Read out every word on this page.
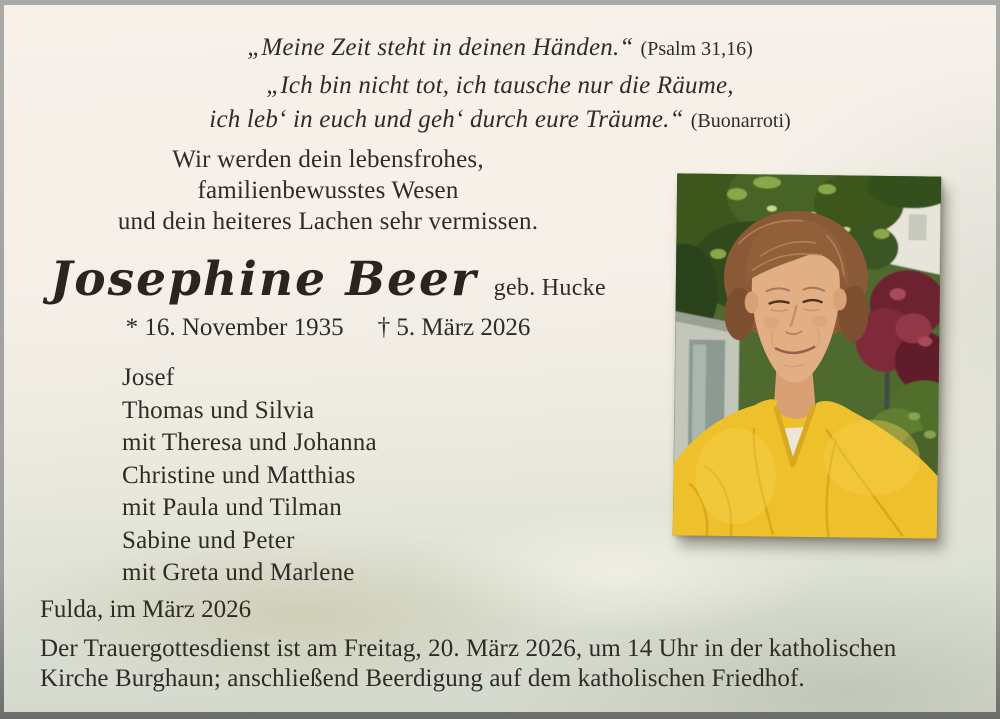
„Meine Zeit steht in deinen Händen.“ (Psalm 31,16)
„Ich bin nicht tot, ich tausche nur die Räume,
ich leb‘ in euch und geh‘ durch eure Träume.“ (Buonarroti)
Wir werden dein lebensfrohes,
familienbewusstes Wesen
und dein heiteres Lachen sehr vermissen.
Josephine Beer geb. Hucke
* 16. November 1935 † 5. März 2026
Josef
Thomas und Silvia
mit Theresa und Johanna
Christine und Matthias
mit Paula und Tilman
Sabine und Peter
mit Greta und Marlene
Fulda, im März 2026
Der Trauergottesdienst ist am Freitag, 20. März 2026, um 14 Uhr in der katholischen
Kirche Burghaun; anschließend Beerdigung auf dem katholischen Friedhof.
